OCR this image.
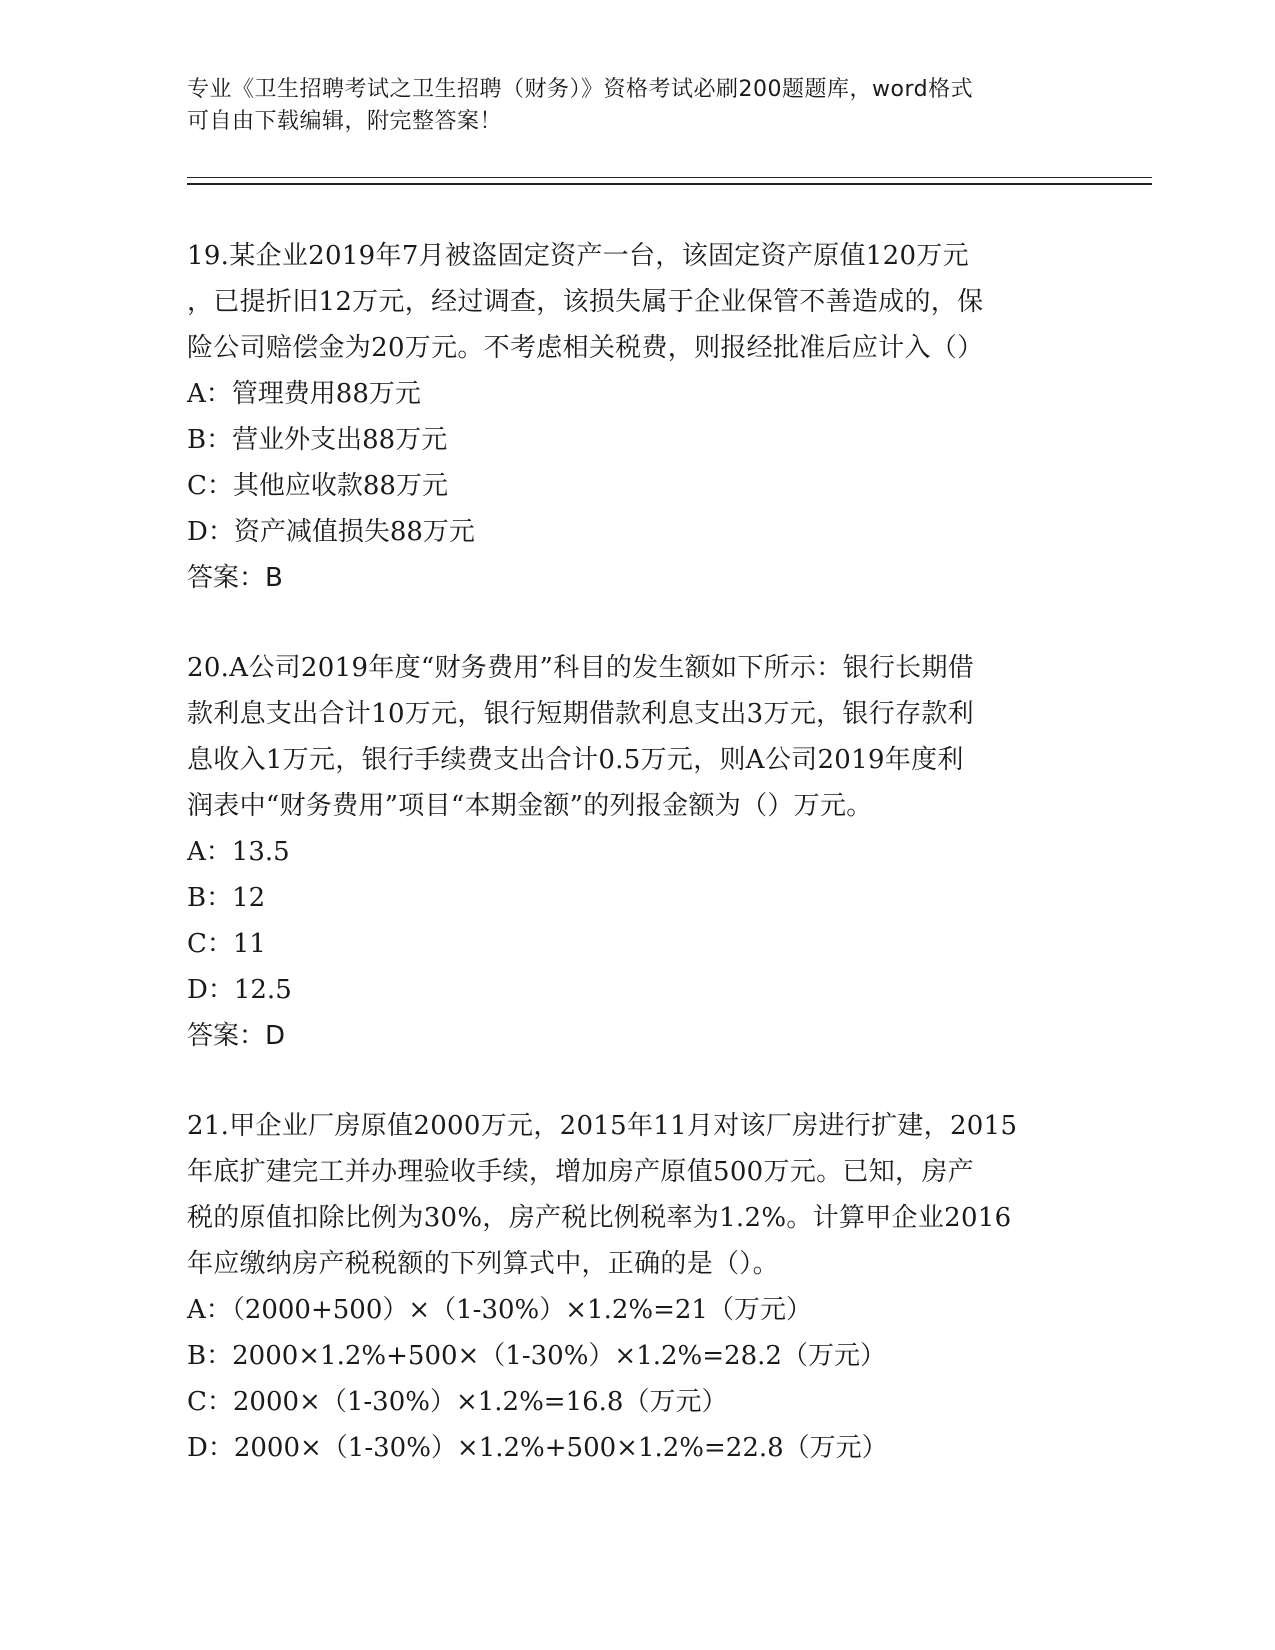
专业《卫生招聘考试之卫生招聘（财务）》资格考试必刷200题题库，word格式
可自由下载编辑，附完整答案！
19.某企业2019年7月被盗固定资产一台，该固定资产原值120万元
，已提折旧12万元，经过调查，该损失属于企业保管不善造成的，保
险公司赔偿金为20万元。不考虑相关税费，则报经批准后应计入（）
A：管理费用88万元
B：营业外支出88万元
C：其他应收款88万元
D：资产减值损失88万元
答案：B
20.A公司2019年度“财务费用”科目的发生额如下所示：银行长期借
款利息支出合计10万元，银行短期借款利息支出3万元，银行存款利
息收入1万元，银行手续费支出合计0.5万元，则A公司2019年度利
润表中“财务费用”项目“本期金额”的列报金额为（）万元。
A：13.5
B：12
C：11
D：12.5
答案：D
21.甲企业厂房原值2000万元，2015年11月对该厂房进行扩建，2015
年底扩建完工并办理验收手续，增加房产原值500万元。已知，房产
税的原值扣除比例为30%，房产税比例税率为1.2%。计算甲企业2016
年应缴纳房产税税额的下列算式中，正确的是（）。
A：（2000+500）×（1-30%）×1.2%=21（万元）
B：2000×1.2%+500×（1-30%）×1.2%=28.2（万元）
C：2000×（1-30%）×1.2%=16.8（万元）
D：2000×（1-30%）×1.2%+500×1.2%=22.8（万元）
